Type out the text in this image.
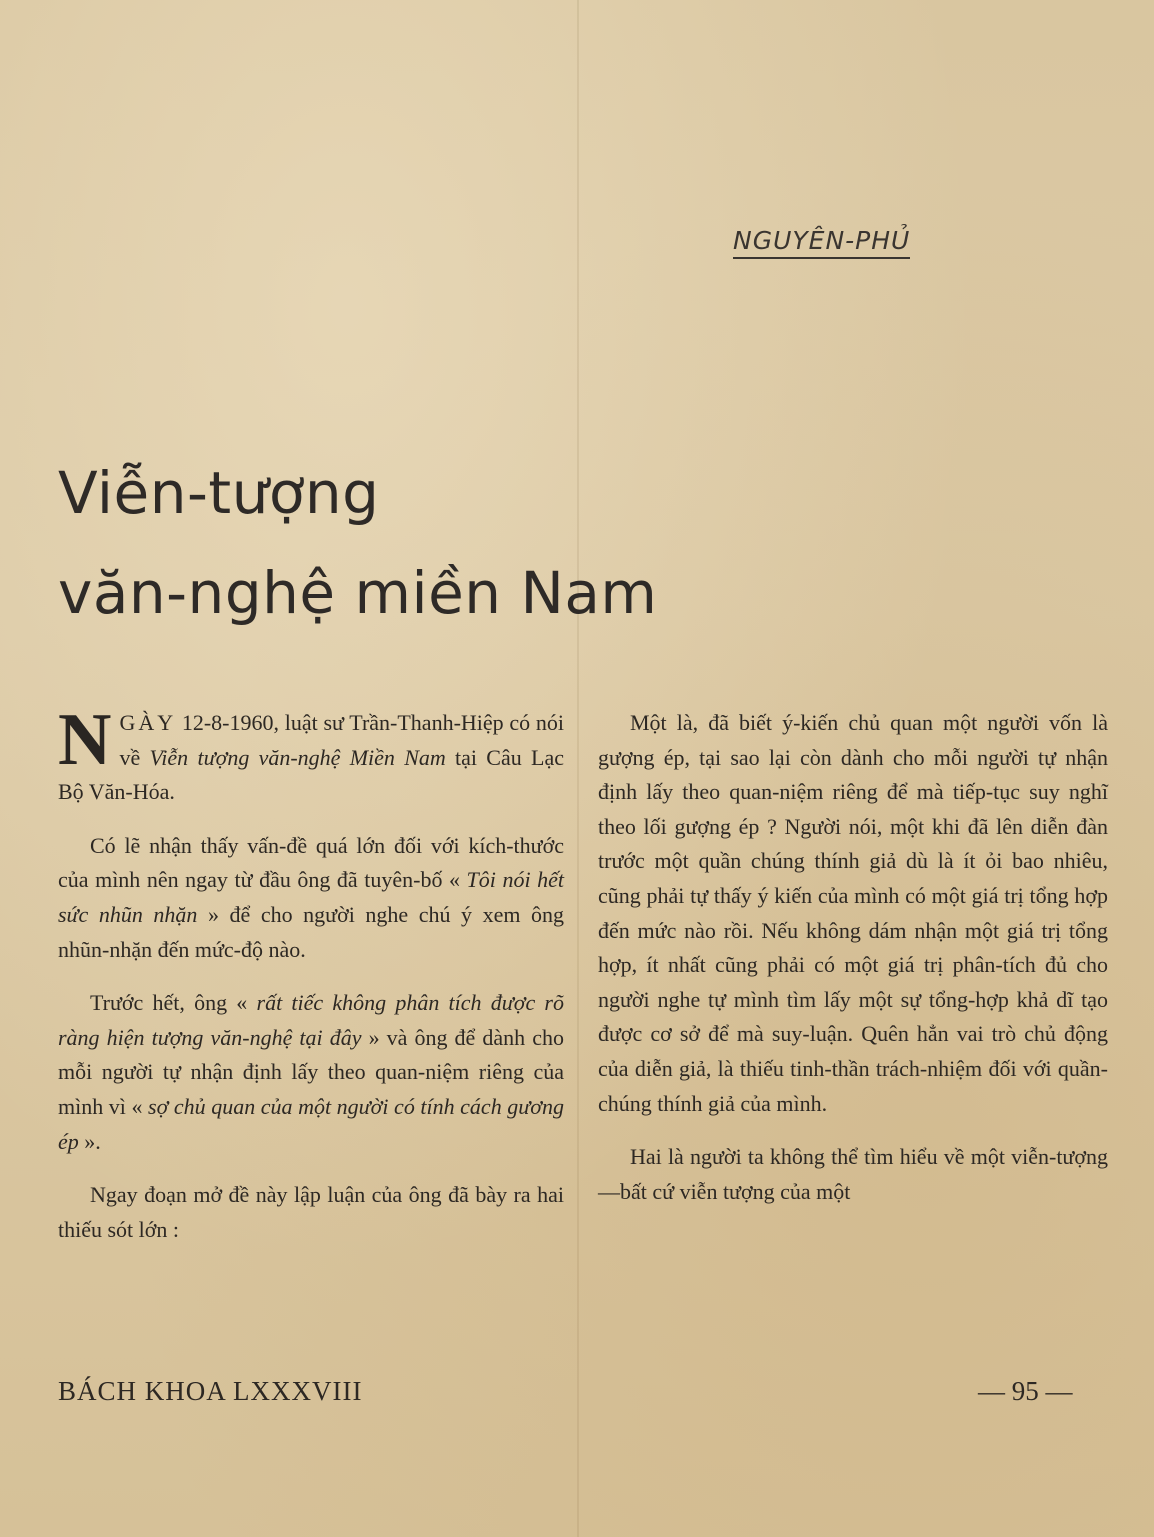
NGUYÊN-PHỦ
Viễn-tượng
văn-nghệ miền Nam

NGÀY 12-8-1960, luật sư Trần-Thanh-Hiệp có nói về Viễn tượng văn-nghệ Miền Nam tại Câu Lạc Bộ Văn-Hóa.

Có lẽ nhận thấy vấn-đề quá lớn đối với kích-thước của mình nên ngay từ đầu ông đã tuyên-bố « Tôi nói hết sức nhũn nhặn » để cho người nghe chú ý xem ông nhũn-nhặn đến mức-độ nào.

Trước hết, ông « rất tiếc không phân tích được rõ ràng hiện tượng văn-nghệ tại đây » và ông để dành cho mỗi người tự nhận định lấy theo quan-niệm riêng của mình vì « sợ chủ quan của một người có tính cách gương ép ».

Ngay đoạn mở đề này lập luận của ông đã bày ra hai thiếu sót lớn :

Một là, đã biết ý-kiến chủ quan một người vốn là gượng ép, tại sao lại còn dành cho mỗi người tự nhận định lấy theo quan-niệm riêng để mà tiếp-tục suy nghĩ theo lối gượng ép ? Người nói, một khi đã lên diễn đàn trước một quần chúng thính giả dù là ít ỏi bao nhiêu, cũng phải tự thấy ý kiến của mình có một giá trị tổng hợp đến mức nào rồi. Nếu không dám nhận một giá trị tổng hợp, ít nhất cũng phải có một giá trị phân-tích đủ cho người nghe tự mình tìm lấy một sự tổng-hợp khả dĩ tạo được cơ sở để mà suy-luận. Quên hẳn vai trò chủ động của diễn giả, là thiếu tinh-thần trách-nhiệm đối với quần-chúng thính giả của mình.

Hai là người ta không thể tìm hiểu về một viễn-tượng—bất cứ viễn tượng của một

BÁCH KHOA LXXXVIII	— 95 —
